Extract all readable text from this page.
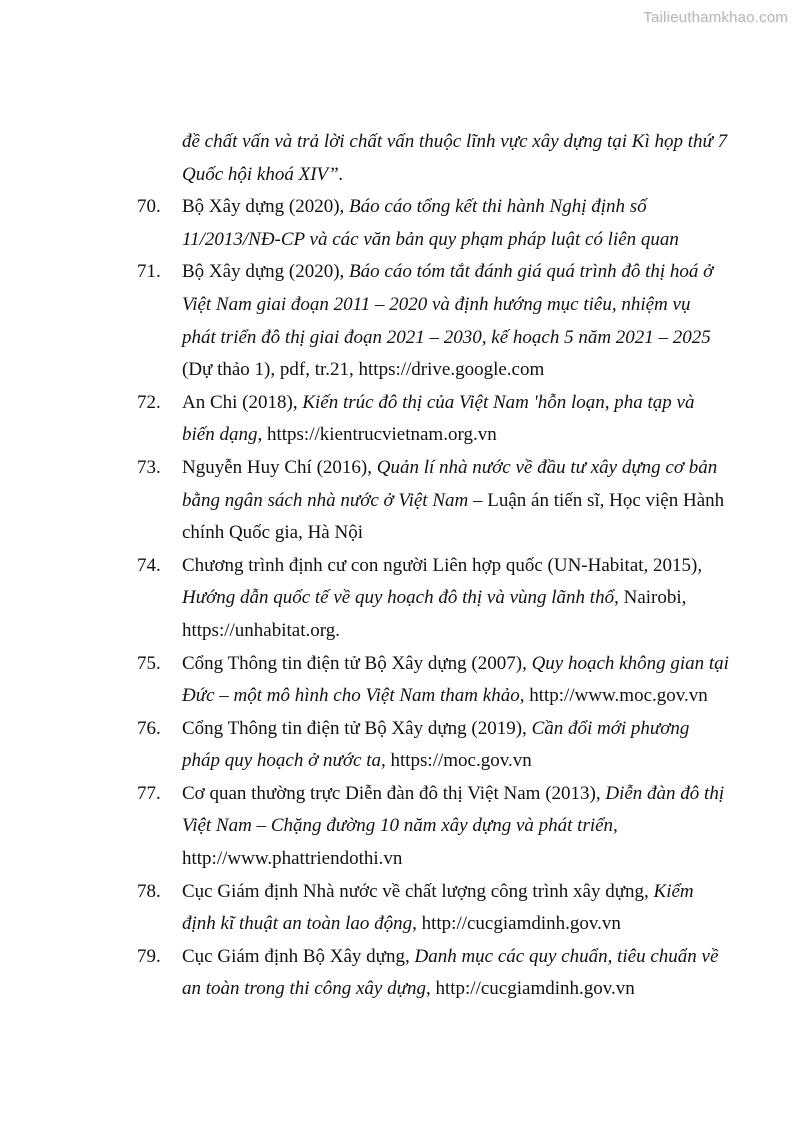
Tailieuthamkhao.com
đề chất vấn và trả lời chất vấn thuộc lĩnh vực xây dựng tại Kì họp thứ 7
Quốc hội khoá XIV”.
70.	Bộ Xây dựng (2020), Báo cáo tổng kết thi hành Nghị định số
11/2013/NĐ-CP và các văn bản quy phạm pháp luật có liên quan
71.	Bộ Xây dựng (2020), Báo cáo tóm tắt đánh giá quá trình đô thị hoá ở
Việt Nam giai đoạn 2011 – 2020 và định hướng mục tiêu, nhiệm vụ
phát triển đô thị giai đoạn 2021 – 2030, kế hoạch 5 năm 2021 – 2025
(Dự thảo 1), pdf, tr.21, https://drive.google.com
72.	An Chi (2018), Kiến trúc đô thị của Việt Nam 'hỗn loạn, pha tạp và
biến dạng, https://kientrucvietnam.org.vn
73.	Nguyễn Huy Chí (2016), Quản lí nhà nước về đầu tư xây dựng cơ bản
bằng ngân sách nhà nước ở Việt Nam – Luận án tiến sĩ, Học viện Hành
chính Quốc gia, Hà Nội
74.	Chương trình định cư con người Liên hợp quốc (UN-Habitat, 2015),
Hướng dẫn quốc tế về quy hoạch đô thị và vùng lãnh thổ, Nairobi,
https://unhabitat.org.
75.	Cổng Thông tin điện tử Bộ Xây dựng (2007), Quy hoạch không gian tại
Đức – một mô hình cho Việt Nam tham khảo, http://www.moc.gov.vn
76.	Cổng Thông tin điện tử Bộ Xây dựng (2019), Cần đổi mới phương
pháp quy hoạch ở nước ta, https://moc.gov.vn
77.	Cơ quan thường trực Diễn đàn đô thị Việt Nam (2013), Diễn đàn đô thị
Việt Nam – Chặng đường 10 năm xây dựng và phát triển,
http://www.phattriendothi.vn
78.	Cục Giám định Nhà nước về chất lượng công trình xây dựng, Kiểm
định kĩ thuật an toàn lao động, http://cucgiamdinh.gov.vn
79.	Cục Giám định Bộ Xây dựng, Danh mục các quy chuẩn, tiêu chuẩn về
an toàn trong thi công xây dựng, http://cucgiamdinh.gov.vn
